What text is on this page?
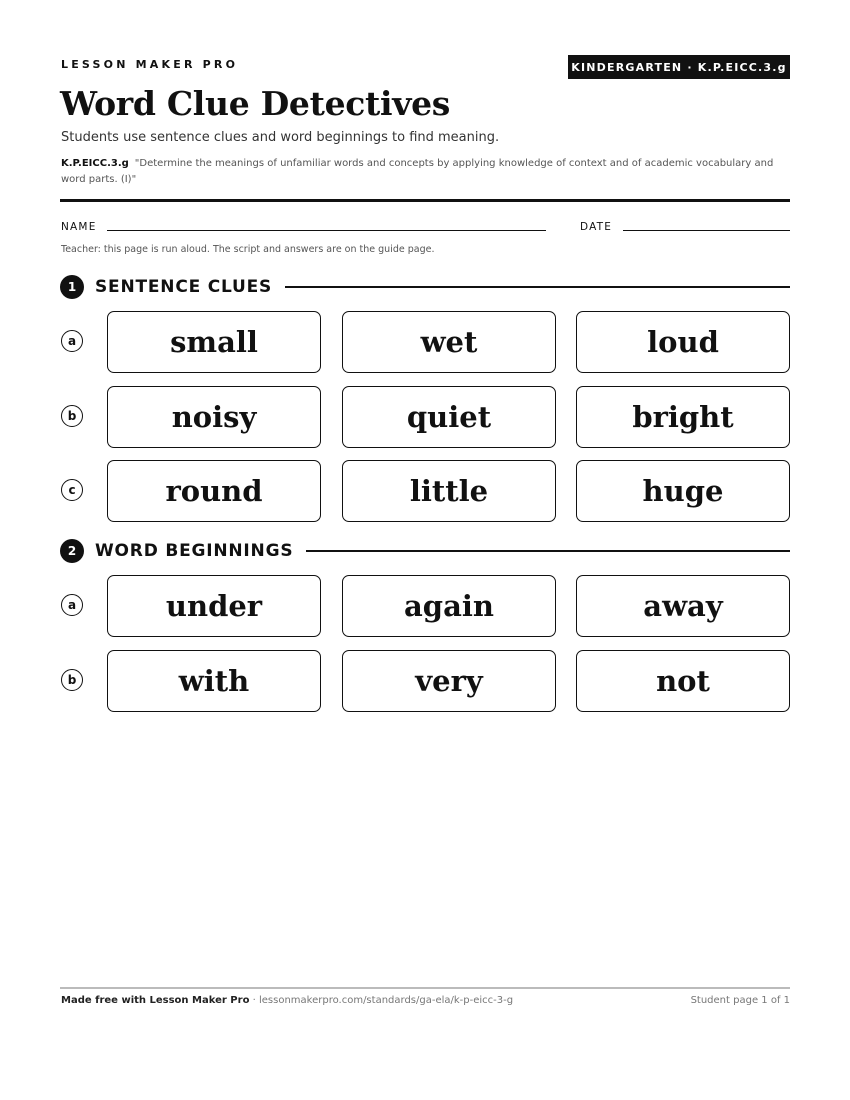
LESSON MAKER PRO	KINDERGARTEN · K.P.EICC.3.g
Word Clue Detectives
Students use sentence clues and word beginnings to find meaning.
K.P.EICC.3.g "Determine the meanings of unfamiliar words and concepts by applying knowledge of context and of academic vocabulary and word parts. (I)"
NAME	DATE
Teacher: this page is run aloud. The script and answers are on the guide page.
1	SENTENCE CLUES
a	small	wet	loud
b	noisy	quiet	bright
c	round	little	huge
2	WORD BEGINNINGS
a	under	again	away
b	with	very	not
Made free with Lesson Maker Pro · lessonmakerpro.com/standards/ga-ela/k-p-eicc-3-g	Student page 1 of 1
